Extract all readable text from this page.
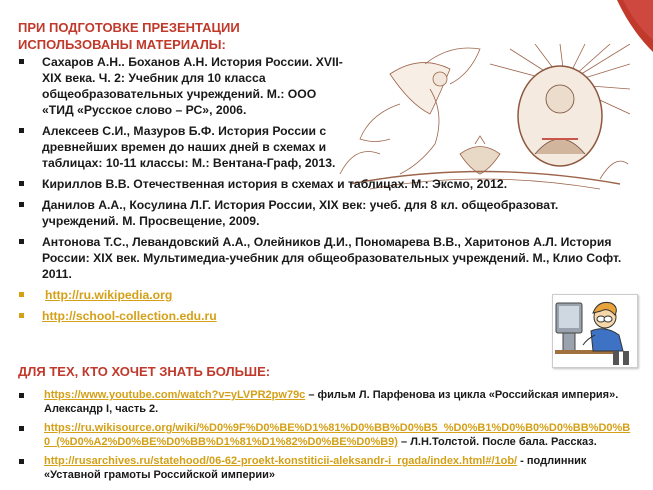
ПРИ ПОДГОТОВКЕ ПРЕЗЕНТАЦИИ
ИСПОЛЬЗОВАНЫ МАТЕРИАЛЫ:
Сахаров А.Н.. Боханов А.Н. История России. XVII-XIX века. Ч. 2: Учебник для 10 класса общеобразовательных учреждений. М.: ООО «ТИД «Русское слово – РС», 2006.
Алексеев С.И., Мазуров Б.Ф. История России с древнейших времен до наших дней в схемах и таблицах: 10-11 классы: М.: Вентана-Граф, 2013.
Кириллов В.В. Отечественная история в схемах и таблицах. М.: Эксмо, 2012.
Данилов А.А., Косулина Л.Г. История России, XIX век: учеб. для 8 кл. общеобразоват. учреждений. М. Просвещение, 2009.
Антонова Т.С., Левандовский А.А., Олейников Д.И., Пономарева В.В., Харитонов А.Л. История России: XIX век. Мультимедиа-учебник для общеобразовательных учреждений. М., Клио Софт. 2011.
http://ru.wikipedia.org
http://school-collection.edu.ru
ДЛЯ ТЕХ, КТО ХОЧЕТ ЗНАТЬ БОЛЬШЕ:
https://www.youtube.com/watch?v=yLVPR2pw79c – фильм Л. Парфенова из цикла «Российская империя». Александр I, часть 2.
https://ru.wikisource.org/wiki/%D0%9F%D0%BE%D1%81%D0%BB%D0%B5_%D0%B1%D0%B0%D0%BB%D0%B0_(%D0%A2%D0%BE%D0%BB%D1%81%D1%82%D0%BE%D0%B9) – Л.Н.Толстой. После бала. Рассказ.
http://rusarchives.ru/statehood/06-62-proekt-konstiticii-aleksandr-i_rgada/index.html#/1ob/ - подлинник «Уставной грамоты Российской империи»
